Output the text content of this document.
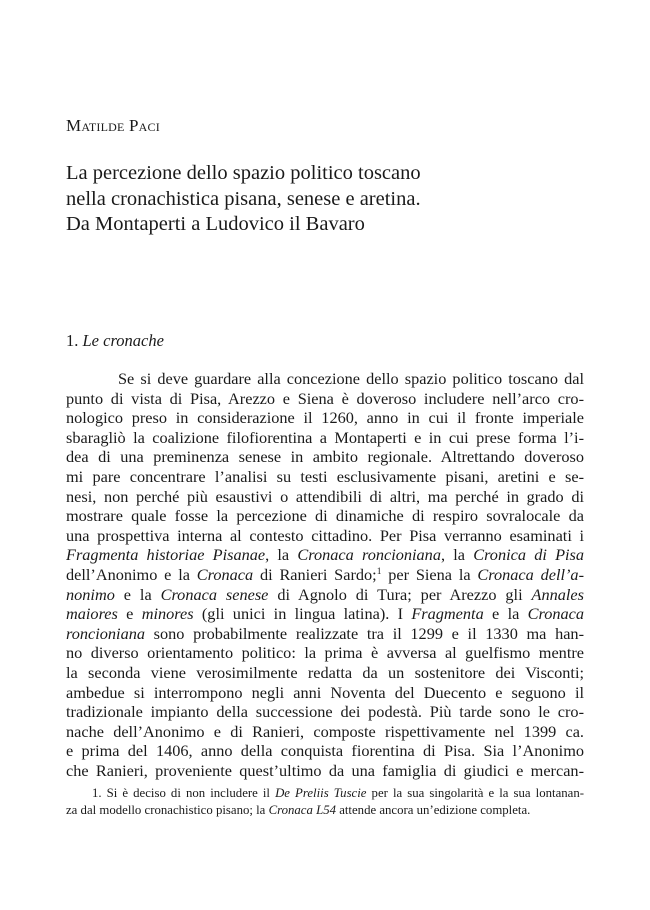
Matilde Paci
La percezione dello spazio politico toscano
nella cronachistica pisana, senese e aretina.
Da Montaperti a Ludovico il Bavaro
1. Le cronache
Se si deve guardare alla concezione dello spazio politico toscano dal
punto di vista di Pisa, Arezzo e Siena è doveroso includere nell’arco cro-
nologico preso in considerazione il 1260, anno in cui il fronte imperiale
sbaragliò la coalizione filofiorentina a Montaperti e in cui prese forma l’i-
dea di una preminenza senese in ambito regionale. Altrettando doveroso
mi pare concentrare l’analisi su testi esclusivamente pisani, aretini e se-
nesi, non perché più esaustivi o attendibili di altri, ma perché in grado di
mostrare quale fosse la percezione di dinamiche di respiro sovralocale da
una prospettiva interna al contesto cittadino. Per Pisa verranno esaminati i
Fragmenta historiae Pisanae, la Cronaca roncioniana, la Cronica di Pisa
dell’Anonimo e la Cronaca di Ranieri Sardo;$^1$ per Siena la Cronaca dell’a-
nonimo e la Cronaca senese di Agnolo di Tura; per Arezzo gli Annales
maiores e minores (gli unici in lingua latina). I Fragmenta e la Cronaca
roncioniana sono probabilmente realizzate tra il 1299 e il 1330 ma han-
no diverso orientamento politico: la prima è avversa al guelfismo mentre
la seconda viene verosimilmente redatta da un sostenitore dei Visconti;
ambedue si interrompono negli anni Noventa del Duecento e seguono il
tradizionale impianto della successione dei podestà. Più tarde sono le cro-
nache dell’Anonimo e di Ranieri, composte rispettivamente nel 1399 ca.
e prima del 1406, anno della conquista fiorentina di Pisa. Sia l’Anonimo
che Ranieri, proveniente quest’ultimo da una famiglia di giudici e mercan-
1. Si è deciso di non includere il De Preliis Tuscie per la sua singolarità e la sua lontanan-
za dal modello cronachistico pisano; la Cronaca L54 attende ancora un’edizione completa.
